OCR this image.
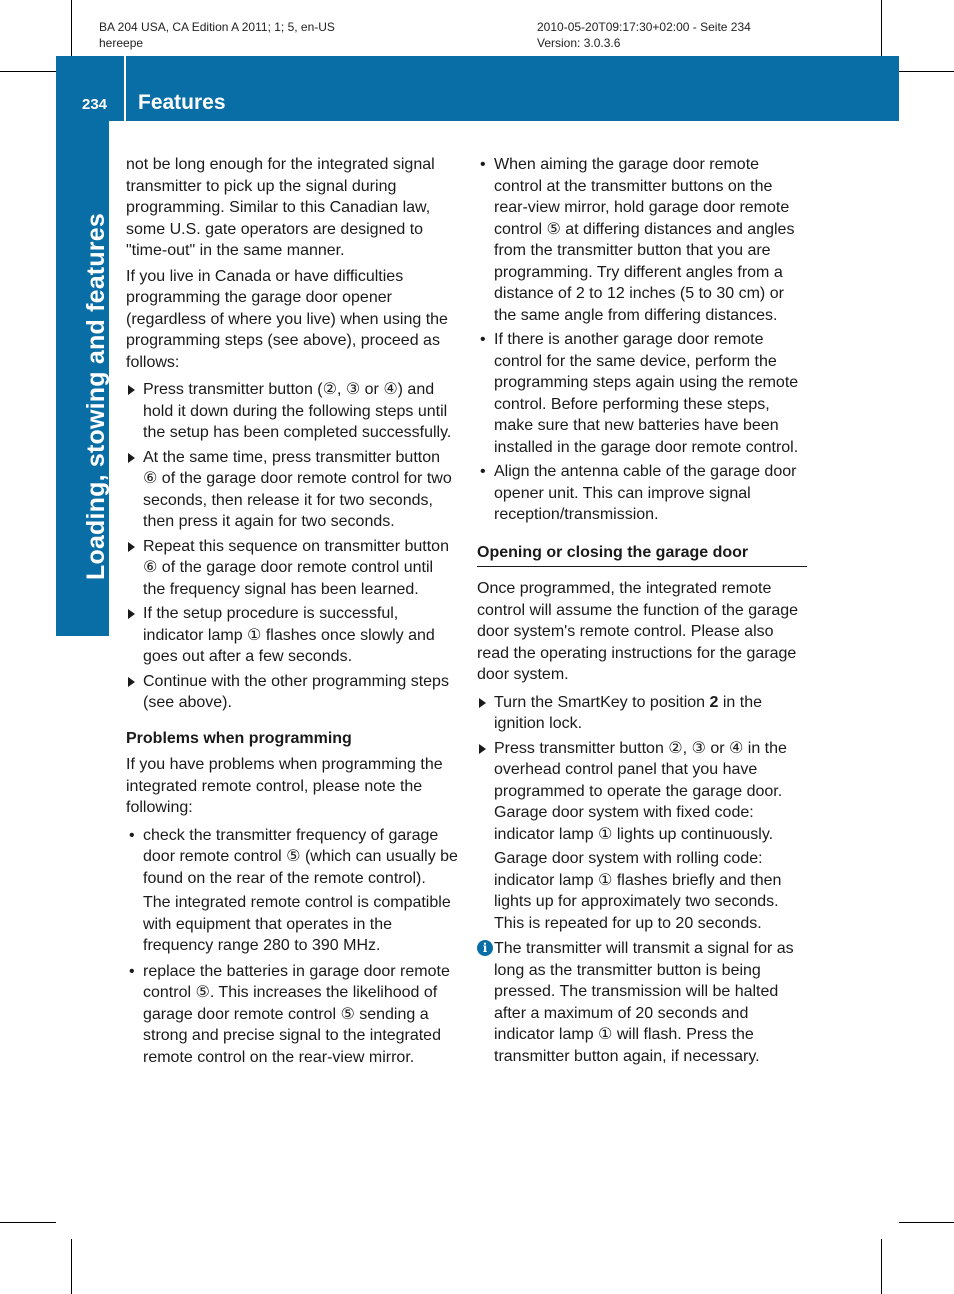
BA 204 USA, CA Edition A 2011; 1; 5, en-US
hereepe
2010-05-20T09:17:30+02:00 - Seite 234
Version: 3.0.3.6
234 Features
Loading, stowing and features

not be long enough for the integrated signal transmitter to pick up the signal during programming. Similar to this Canadian law, some U.S. gate operators are designed to "time-out" in the same manner.

If you live in Canada or have difficulties programming the garage door opener (regardless of where you live) when using the programming steps (see above), proceed as follows:

Press transmitter button (②, ③ or ④) and hold it down during the following steps until the setup has been completed successfully.
At the same time, press transmitter button ⑥ of the garage door remote control for two seconds, then release it for two seconds, then press it again for two seconds.
Repeat this sequence on transmitter button ⑥ of the garage door remote control until the frequency signal has been learned.
If the setup procedure is successful, indicator lamp ① flashes once slowly and goes out after a few seconds.
Continue with the other programming steps (see above).
Problems when programming

If you have problems when programming the integrated remote control, please note the following:

• check the transmitter frequency of garage door remote control ⑤ (which can usually be found on the rear of the remote control).

The integrated remote control is compatible with equipment that operates in the frequency range 280 to 390 MHz.

• replace the batteries in garage door remote control ⑤. This increases the likelihood of garage door remote control ⑤ sending a strong and precise signal to the integrated remote control on the rear-view mirror.
• When aiming the garage door remote control at the transmitter buttons on the rear-view mirror, hold garage door remote control ⑤ at differing distances and angles from the transmitter button that you are programming. Try different angles from a distance of 2 to 12 inches (5 to 30 cm) or the same angle from differing distances.
• If there is another garage door remote control for the same device, perform the programming steps again using the remote control. Before performing these steps, make sure that new batteries have been installed in the garage door remote control.
• Align the antenna cable of the garage door opener unit. This can improve signal reception/transmission.
Opening or closing the garage door

Once programmed, the integrated remote control will assume the function of the garage door system's remote control. Please also read the operating instructions for the garage door system.

Turn the SmartKey to position 2 in the ignition lock.
Press transmitter button ②, ③ or ④ in the overhead control panel that you have programmed to operate the garage door. Garage door system with fixed code: indicator lamp ① lights up continuously.

Garage door system with rolling code: indicator lamp ① flashes briefly and then lights up for approximately two seconds. This is repeated for up to 20 seconds.

i The transmitter will transmit a signal for as long as the transmitter button is being pressed. The transmission will be halted after a maximum of 20 seconds and indicator lamp ① will flash. Press the transmitter button again, if necessary.
